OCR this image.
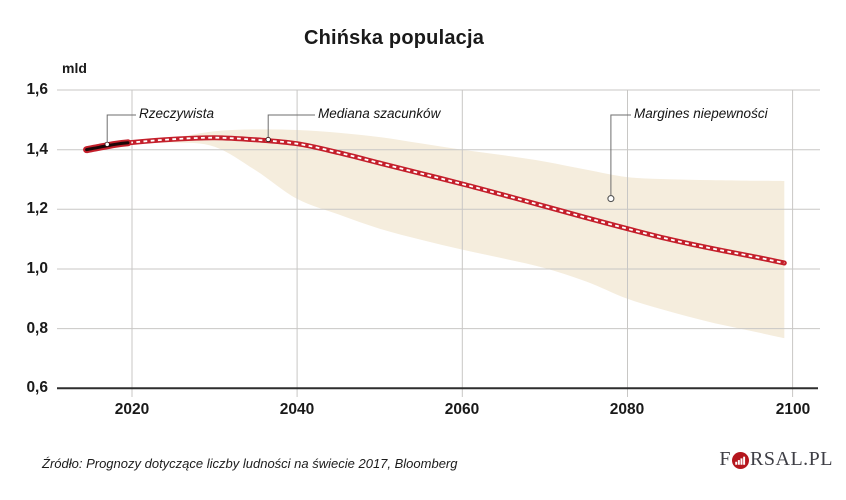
Chińska populacja
mld
Rzeczywista	Mediana szacunków	Margines niepewności
Źródło: Prognozy dotyczące liczby ludności na świecie 2017, Bloomberg	F RSAL.PL
1,6
1,4
1,2
1,0
0,8
0,6
2020	2040	2060	2080	2100
